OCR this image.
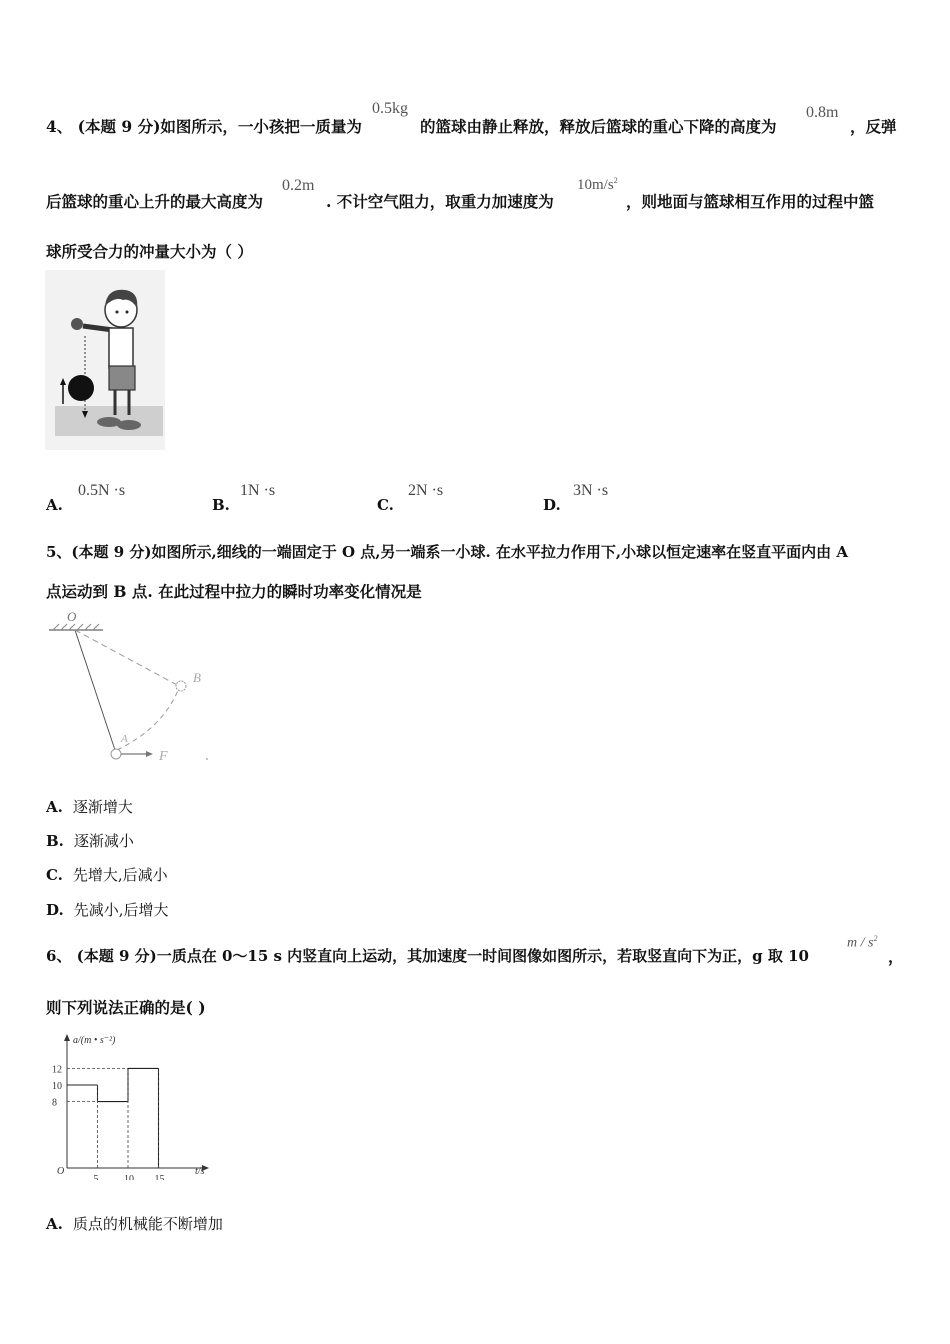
4、 (本题 9 分)如图所示，一小孩把一质量为
0.5kg
的篮球由静止释放，释放后篮球的重心下降的高度为
0.8m
，反弹
后篮球的重心上升的最大高度为
0.2m
. 不计空气阻力，取重力加速度为
$10m/s^2$
，则地面与篮球相互作用的过程中篮
球所受合力的冲量大小为（ ）
A.
0.5N ·s
B.
1N ·s
C.
2N ·s
D.
3N ·s
5、(本题 9 分)如图所示,细线的一端固定于 O 点,另一端系一小球. 在水平拉力作用下,小球以恒定速率在竖直平面内由 A
点运动到 B 点. 在此过程中拉力的瞬时功率变化情况是
O
A
B
F
A. 逐渐增大
B. 逐渐减小
C. 先增大,后减小
D. 先减小,后增大
6、 (本题 9 分)一质点在 0～15 s 内竖直向上运动，其加速度一时间图像如图所示，若取竖直向下为正，g 取 10
m / $s^2$
，
则下列说法正确的是( )
a/(m • s⁻²)
t/s
O
5	10 15
12
10
8
A. 质点的机械能不断增加
